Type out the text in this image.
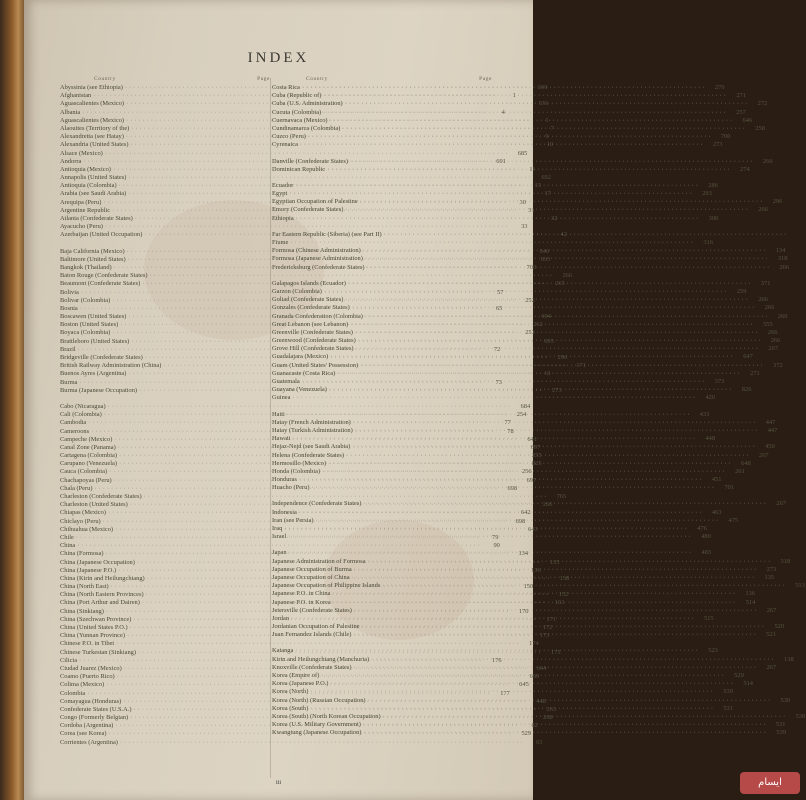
INDEX
Country	Page
Abyssinia (see Ethiopia) ·····	300
Afghanistan ·····	1
Aguascalientes (Mexico) ·····	556
Albania ·····	4
Aguascalientes (Mexico) ·····	1
Alaouites (Territory of the) ·····	7
Alexandretta (see Hatay) ·····	9
Alexandria (United States) ·····	10
Alsace (Mexico) ·····	685
Andorra ·····	691
Antioquia (Mexico) ·····	11
Annapolis (United States) ·····	692
Antioquia (Colombia) ·····	15
Arabia (see Saudi Arabia) ·····	17
Arequipa (Peru) ·····	30
Argentine Republic ·····	31
Atlanta (Confederate States) ·····	32
Ayacucho (Peru) ·····	33
Azerbaijan (United Occupation) ·····	42
Baja California (Mexico) ·····	640
Baltimore (United States) ·····	693
Bangkok (Thailand) ·····	700
Baton Rouge (Confederate States) ·····	266
Beaumont (Confederate States) ·····	265
Bolivia ·····	57
Bolivar (Colombia) ·····	252
Bosnia ·····	65
Boscawen (United States) ·····	694
Boston (United States) ·····	262
Boyaca (Colombia) ·····	253
Brattleboro (United States) ·····	695
Brazil ·····	72
Bridgeville (Confederate States) ·····	296
British Railway Administration (China) ·····	171
Buenos Ayres (Argentina) ·····	61
Burma ·····	73
Burma (Japanese Occupation) ·····	273
Cabo (Nicaragua) ·····	684
Cali (Colombia) ·····	254
Cambodia ·····	77
Cameroons ·····	78
Campeche (Mexico) ·····	641
Canal Zone (Panama) ·····	697
Cartagena (Colombia) ·····	255
Carupano (Venezuela) ·····	825
Cauca (Colombia) ·····	256
Chachapoyas (Peru) ·····	697
Chala (Peru) ·····	698
Charleston (Confederate States) ·····	765
Charleston (United States) ·····	266
Chiapas (Mexico) ·····	642
Chiclayo (Peru) ·····	698
Chihuahua (Mexico) ·····	643
Chile ·····	79
China ·····	90
China (Formosa) ·····	134
China (Japanese Occupation) ·····	135
China (Japanese P.O.) ·····	136
China (Kirin and Heilungchiang) ·····	138
China (North East) ·····	150
China (North Eastern Provinces) ·····	152
China (Port Arthur and Dairen) ·····	163
China (Sinkiang) ·····	170
China (Szechwan Province) ·····	171
China (United States P.O.) ·····	172
China (Yunnan Province) ·····	173
Chinese P.O. in Tibet ·····	174
Chinese Turkestan (Sinkiang) ·····	175
Cilicia ·····	176
Ciudad Juarez (Mexico) ·····	644
Coamo (Puerto Rico) ·····	699
Colima (Mexico) ·····	645
Colombia ·····	177
Comayagua (Honduras) ·····	448
Confederate States (U.S.A.) ·····	263
Congo (Formerly Belgian) ·····	268
Cordoba (Argentina) ·····	62
Corea (see Korea) ·····	529
Corrientes (Argentina) ·····	63
Country	Page
Costa Rica ·····	270
Cuba (Republic of) ·····	271
Cuba (U.S. Administration) ·····	272
Cucuta (Colombia) ·····	257
Cuernavaca (Mexico) ·····	646
Cundinamarca (Colombia) ·····	258
Cuzco (Peru) ·····	700
Cyrenaica ·····	273
Danville (Confederate States) ·····	266
Dominican Republic ·····	274
Ecuador ·····	286
Egypt ·····	293
Egyptian Occupation of Palestine ·····	296
Emory (Confederate States) ·····	266
Ethiopia ·····	300
Far Eastern Republic (Siberia) (see Part II)
·····
Fiume ·····	316
Formosa (Chinese Administration) ·····	134
Formosa (Japanese Administration) ·····	318
Fredericksburg (Confederate States) ·····	266
Galapagos Islands (Ecuador) ·····	371
Garzon (Colombia) ·····	259
Goliad (Confederate States) ·····	266
Gonzales (Confederate States) ·····	266
Granada Confederation (Colombia) ·····	260
Great Lebanon (see Lebanon) ·····	555
Greenville (Confederate States) ·····	266
Greenwood (Confederate States) ·····	266
Grove Hill (Confederate States) ·····	267
Guadalajara (Mexico) ·····	647
Guam (United States' Possession) ·····	372
Guanacaste (Costa Rica) ·····	271
Guatemala ·····	373
Guayana (Venezuela) ·····	826
Guinea ·····	420
Haiti ·····	433
Hatay (French Administration) ·····	447
Hatay (Turkish Administration) ·····	447
Hawaii ·····	448
Hejaz-Nejd (see Saudi Arabia) ·····	450
Helena (Confederate States) ·····	267
Hermosillo (Mexico) ·····	648
Honda (Colombia) ·····	261
Honduras ·····	451
Huacho (Peru) ·····	701
Independence (Confederate States) ·····	267
Indonesia ·····	463
Iran (see Persia) ·····	475
Iraq ·····	476
Israel ·····	480
Japan ·····	483
Japanese Administration of Formosa ·····	318
Japanese Occupation of Burma ·····	273
Japanese Occupation of China ·····	135
Japanese Occupation of Philippine Islands ·····	513
Japanese P.O. in China ·····	136
Japanese P.O. in Korea ·····	514
Jetersville (Confederate States) ·····	267
Jordan ·····	515
Jordanian Occupation of Palestine ·····	520
Juan Fernandez Islands (Chile) ·····	521
Katanga ·····	523
Kirin and Heilungchiang (Manchuria) ·····	138
Knoxville (Confederate States) ·····	267
Korea (Empire of) ·····	529
Korea (Japanese P.O.) ·····	514
Korea (North) ·····	530
Korea (North) (Russian Occupation) ·····	530
Korea (South) ·····	531
Korea (South) (North Korean Occupation) ·····	538
Korea (U.S. Military Government) ·····	531
Kwangtung (Japanese Occupation) ·····	539
iii	ایسام
